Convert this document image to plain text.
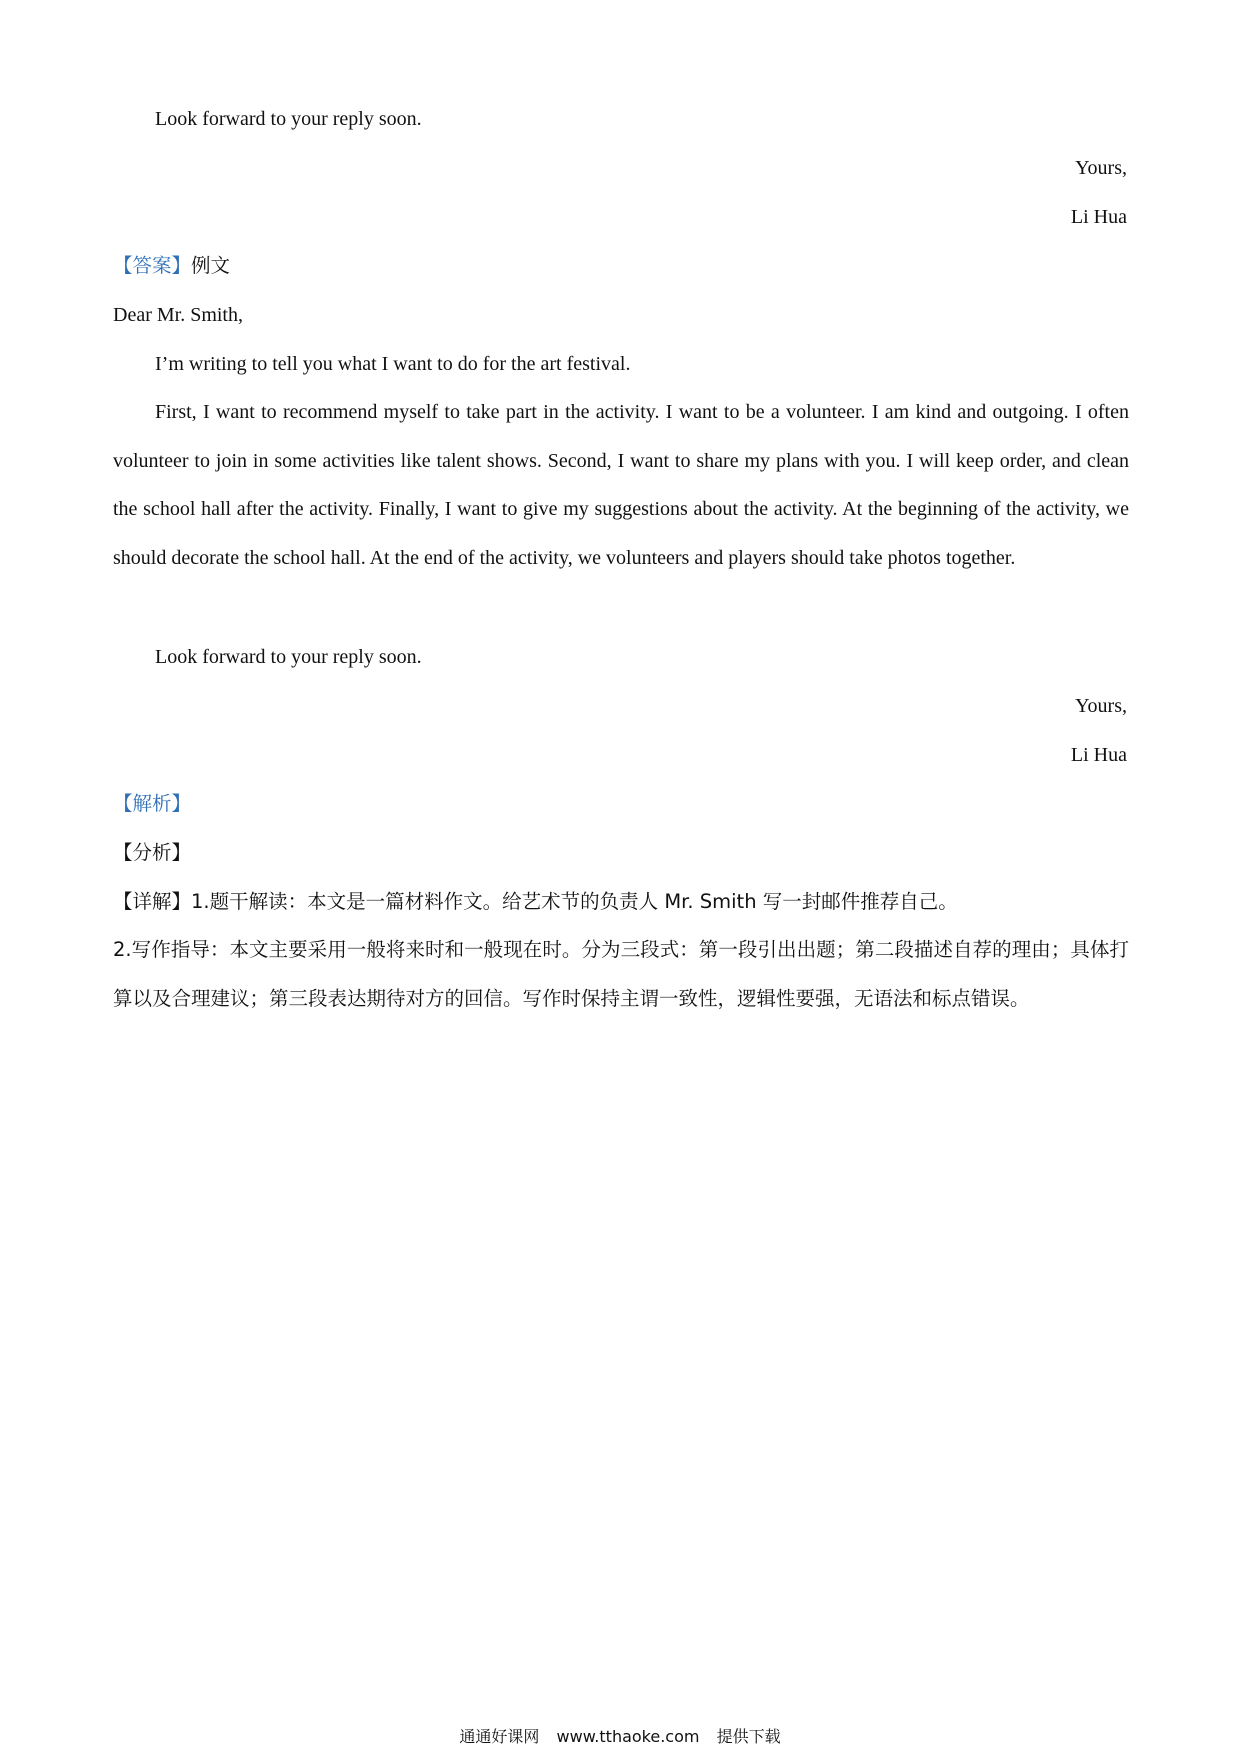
Look forward to your reply soon.
Yours,
Li Hua
【答案】例文
Dear Mr. Smith,
I’m writing to tell you what I want to do for the art festival.

First, I want to recommend myself to take part in the activity. I want to be a volunteer. I am kind and outgoing. I often volunteer to join in some activities like talent shows. Second, I want to share my plans with you. I will keep order, and clean the school hall after the activity. Finally, I want to give my suggestions about the activity. At the beginning of the activity, we should decorate the school hall. At the end of the activity, we volunteers and players should take photos together.

Look forward to your reply soon.
Yours,
Li Hua
【解析】
【分析】
【详解】1.题干解读：本文是一篇材料作文。给艺术节的负责人 Mr. Smith 写一封邮件推荐自己。

2.写作指导：本文主要采用一般将来时和一般现在时。分为三段式：第一段引出出题；第二段描述自荐的理由；具体打算以及合理建议；第三段表达期待对方的回信。写作时保持主谓一致性，逻辑性要强，无语法和标点错误。

通通好课网 www.tthaoke.com 提供下载
